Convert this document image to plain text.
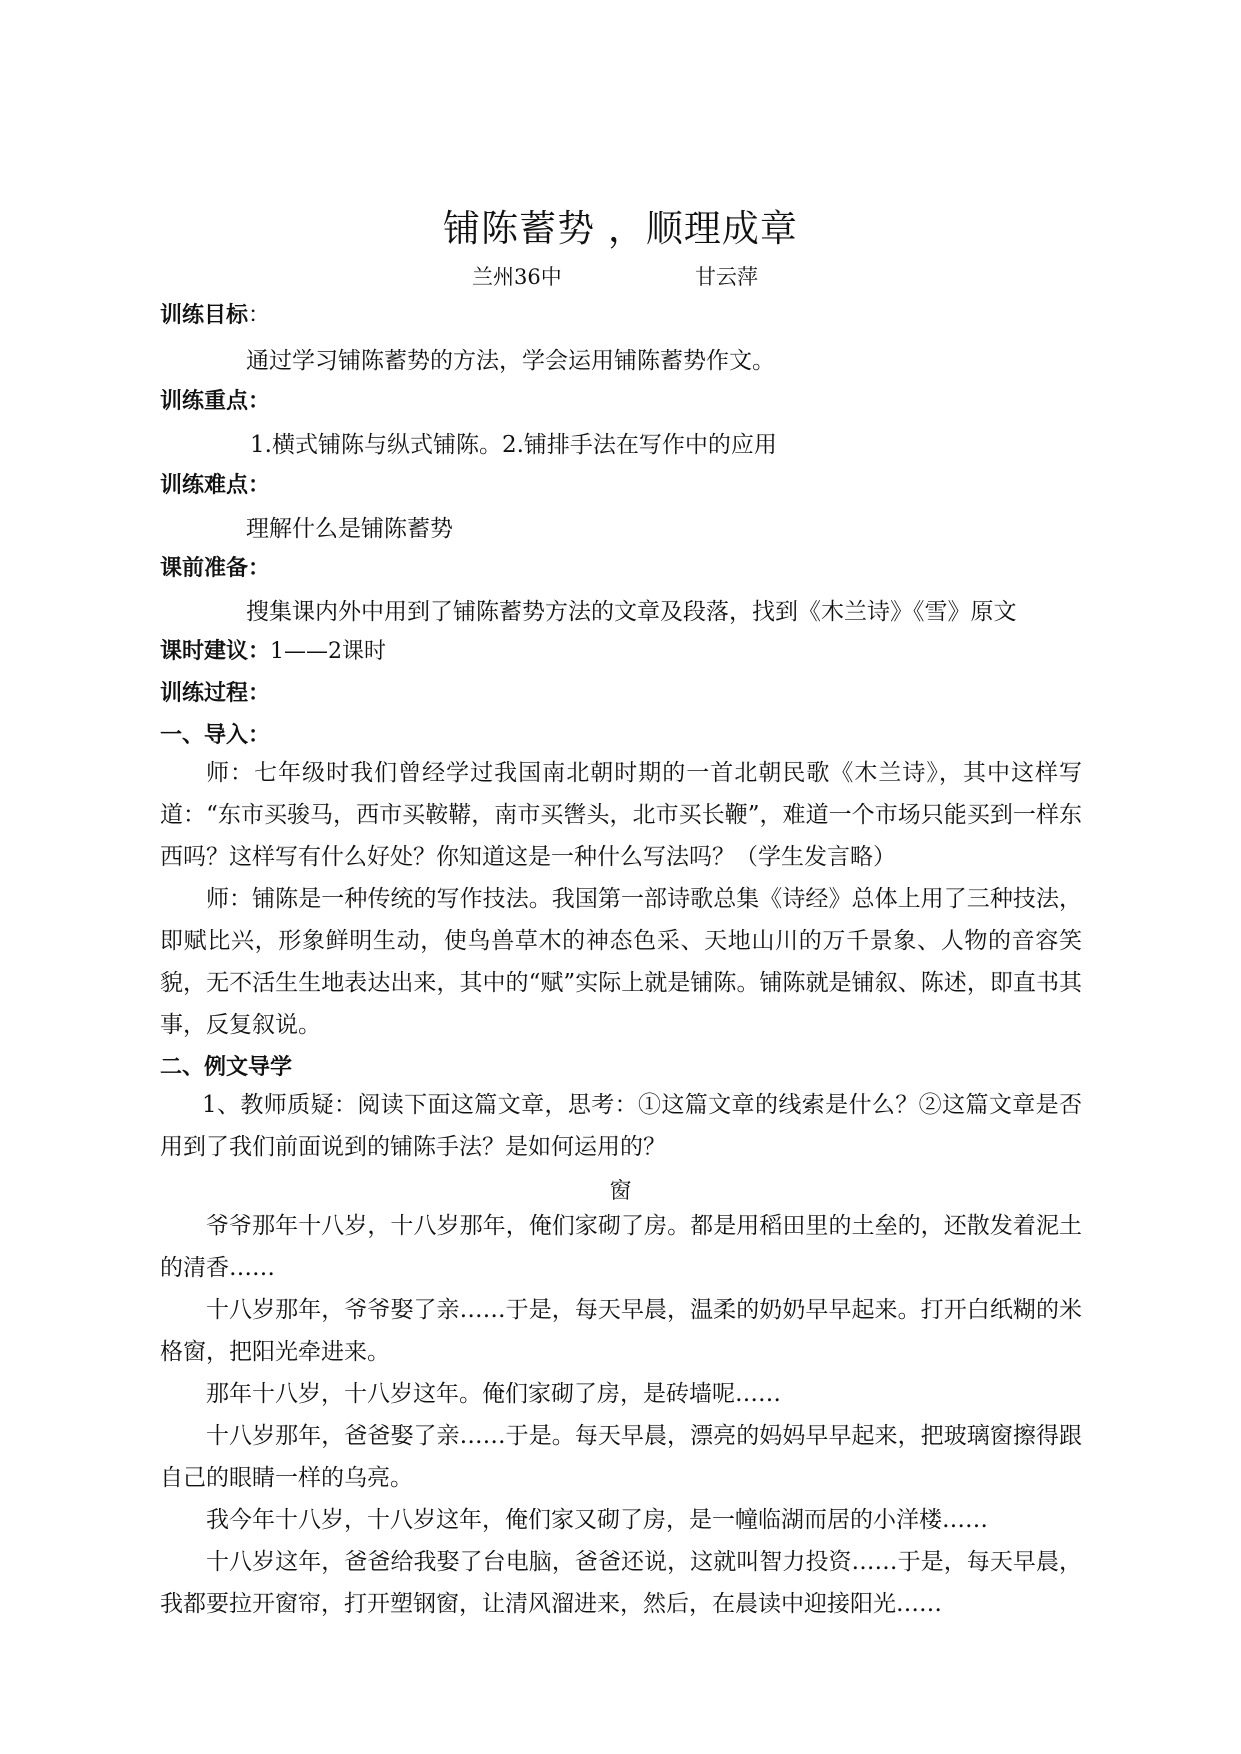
铺陈蓄势 ，顺理成章
兰州36中	甘云萍
训练目标：
通过学习铺陈蓄势的方法，学会运用铺陈蓄势作文。
训练重点：
1.横式铺陈与纵式铺陈。2.铺排手法在写作中的应用
训练难点：
理解什么是铺陈蓄势
课前准备：
搜集课内外中用到了铺陈蓄势方法的文章及段落，找到《木兰诗》《雪》原文
课时建议：1——2课时
训练过程：
一、导入：

师：七年级时我们曾经学过我国南北朝时期的一首北朝民歌《木兰诗》，其中这样写道：“东市买骏马，西市买鞍鞯，南市买辔头，北市买长鞭”，难道一个市场只能买到一样东西吗？这样写有什么好处？你知道这是一种什么写法吗？（学生发言略）

师：铺陈是一种传统的写作技法。我国第一部诗歌总集《诗经》总体上用了三种技法，即赋比兴，形象鲜明生动，使鸟兽草木的神态色采、天地山川的万千景象、人物的音容笑貌，无不活生生地表达出来，其中的“赋”实际上就是铺陈。铺陈就是铺叙、陈述，即直书其事，反复叙说。

二、例文导学

1、教师质疑：阅读下面这篇文章，思考：①这篇文章的线索是什么？②这篇文章是否用到了我们前面说到的铺陈手法？是如何运用的？

窗

爷爷那年十八岁，十八岁那年，俺们家砌了房。都是用稻田里的土垒的，还散发着泥土的清香……

十八岁那年，爷爷娶了亲……于是，每天早晨，温柔的奶奶早早起来。打开白纸糊的米格窗，把阳光牵进来。

那年十八岁，十八岁这年。俺们家砌了房，是砖墙呢……

十八岁那年，爸爸娶了亲……于是。每天早晨，漂亮的妈妈早早起来，把玻璃窗擦得跟自己的眼睛一样的乌亮。

我今年十八岁，十八岁这年，俺们家又砌了房，是一幢临湖而居的小洋楼……

十八岁这年，爸爸给我娶了台电脑，爸爸还说，这就叫智力投资……于是，每天早晨，我都要拉开窗帘，打开塑钢窗，让清风溜进来，然后，在晨读中迎接阳光……
